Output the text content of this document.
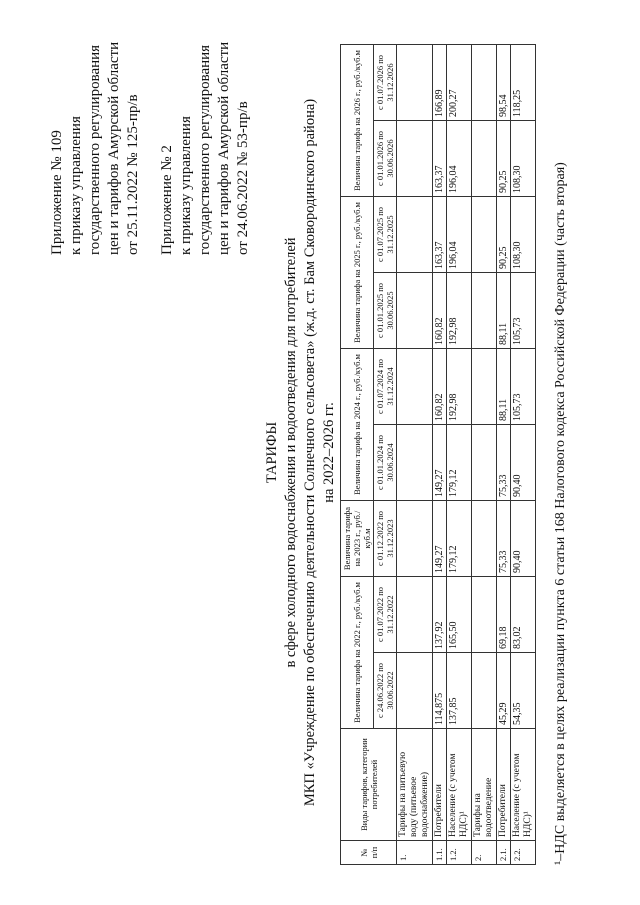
Приложение № 109 к приказу управления государственного регулирования цен и тарифов Амурской области от 25.11.2022 № 125-пр/в Приложение № 2 к приказу управления государственного регулирования цен и тарифов Амурской области от 24.06.2022 № 53-пр/в
ТАРИФЫ в сфере холодного водоснабжения и водоотведения для потребителей МКП «Учреждение по обеспечению деятельности Солнечного сельсовета» (ж.д. ст. Бам Сковородинского района) на 2022–2026 гг.
№ п/п	Виды тарифов, категории потребителей	Величина тарифа на 2022 г., руб./куб.м		Величина тарифа на 2023 г., руб./куб.м	Величина тарифа на 2024 г., руб./куб.м		Величина тарифа на 2025 г., руб./куб.м		Величина тарифа на 2026 г., руб./куб.м	
		с 24.06.2022 по 30.06.2022	с 01.07.2022 по 31.12.2022	с 01.12.2022 по 31.12.2023	с 01.01.2024 по 30.06.2024	с 01.07.2024 по 31.12.2024	с 01.01.2025 по 30.06.2025	с 01.07.2025 по 31.12.2025	с 01.01.2026 по 30.06.2026	с 01.07.2026 по 31.12.2026
1.	Тарифы на питьевую воду (питьевое водоснабжение)									
1.1.	Потребители	114,875	137,92	149,27	149,27	160,82	160,82	163,37	163,37	166,89
1.2.	Население (с учетом НДС)¹	137,85	165,50	179,12	179,12	192,98	192,98	196,04	196,04	200,27
2.	Тарифы на водоотведение									
2.1.	Потребители	45,29	69,18	75,33	75,33	88,11	88,11	90,25	90,25	98,54
2.2.	Население (с учетом НДС)¹	54,35	83,02	90,40	90,40	105,73	105,73	108,30	108,30	118,25
¹–НДС выделяется в целях реализации пункта 6 статьи 168 Налогового кодекса Российской Федерации (часть вторая)
